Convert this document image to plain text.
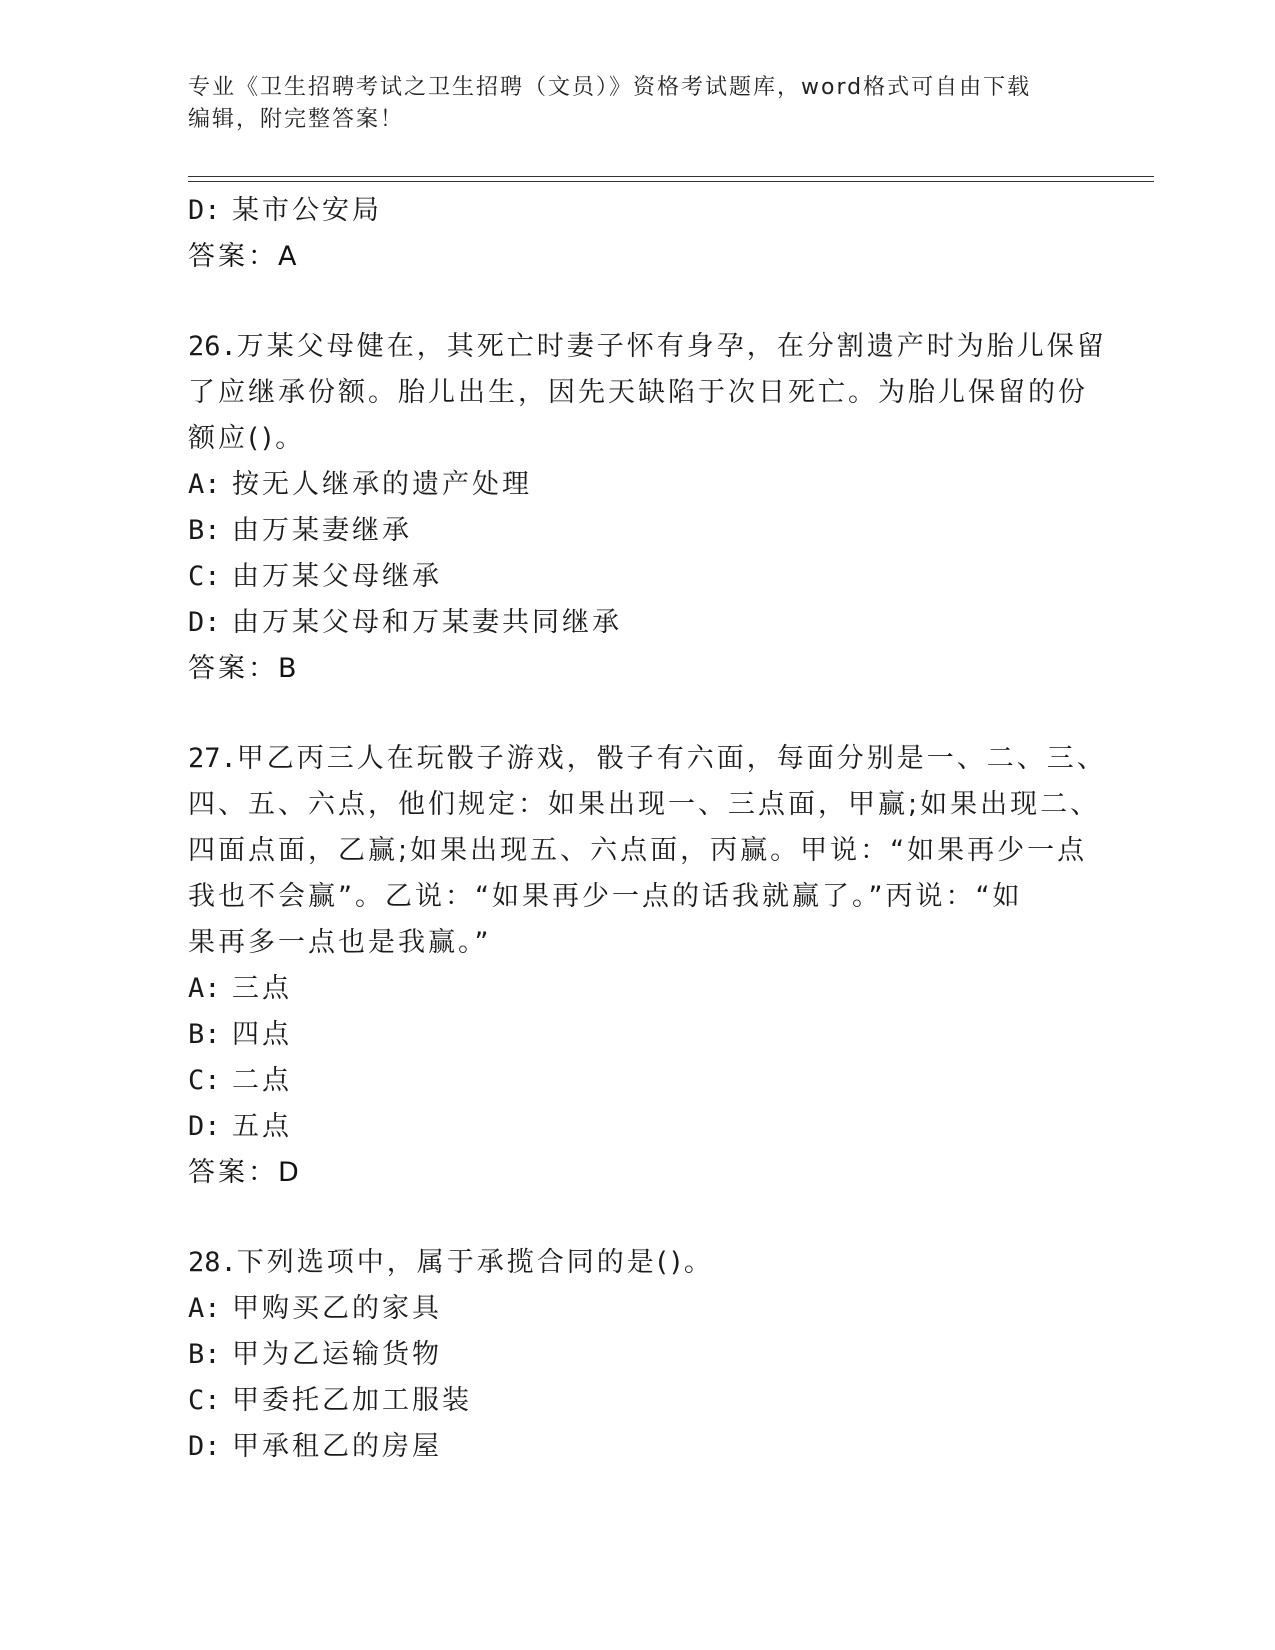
专业《卫生招聘考试之卫生招聘（文员）》资格考试题库，word格式可自由下载
编辑，附完整答案！
D: 某市公安局
答案：A
26.万某父母健在，其死亡时妻子怀有身孕，在分割遗产时为胎儿保留
了应继承份额。胎儿出生，因先天缺陷于次日死亡。为胎儿保留的份
额应()。
A: 按无人继承的遗产处理
B: 由万某妻继承
C: 由万某父母继承
D: 由万某父母和万某妻共同继承
答案：B
27.甲乙丙三人在玩骰子游戏，骰子有六面，每面分别是一、二、三、
四、五、六点，他们规定：如果出现一、三点面，甲赢;如果出现二、
四面点面，乙赢;如果出现五、六点面，丙赢。甲说：“如果再少一点
我也不会赢”。乙说：“如果再少一点的话我就赢了。”丙说：“如
果再多一点也是我赢。”
A: 三点
B: 四点
C: 二点
D: 五点
答案：D
28.下列选项中，属于承揽合同的是()。
A: 甲购买乙的家具
B: 甲为乙运输货物
C: 甲委托乙加工服装
D: 甲承租乙的房屋
